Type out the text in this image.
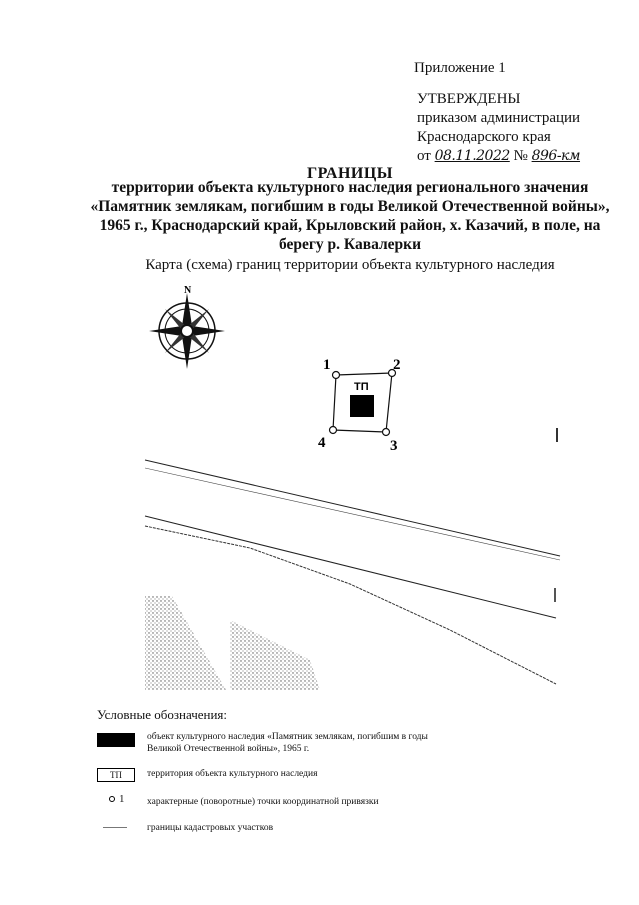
Приложение 1
УТВЕРЖДЕНЫ
приказом администрации
Краснодарского края
от 08.11.2022 № 896-км
ГРАНИЦЫ
территории объекта культурного наследия регионального значения
«Памятник землякам, погибшим в годы Великой Отечественной войны»,
1965 г., Краснодарский край, Крыловский район, х. Казачий, в поле, на
берегу р. Кавалерки
Карта (схема) границ территории объекта культурного наследия
N
ТП
1	2
3
4
Условные обозначения:
объект культурного наследия «Памятник землякам, погибшим в годы Великой Отечественной войны», 1965 г.
ТП	территория объекта культурного наследия
1 характерные (поворотные) точки координатной привязки
границы кадастровых участков
